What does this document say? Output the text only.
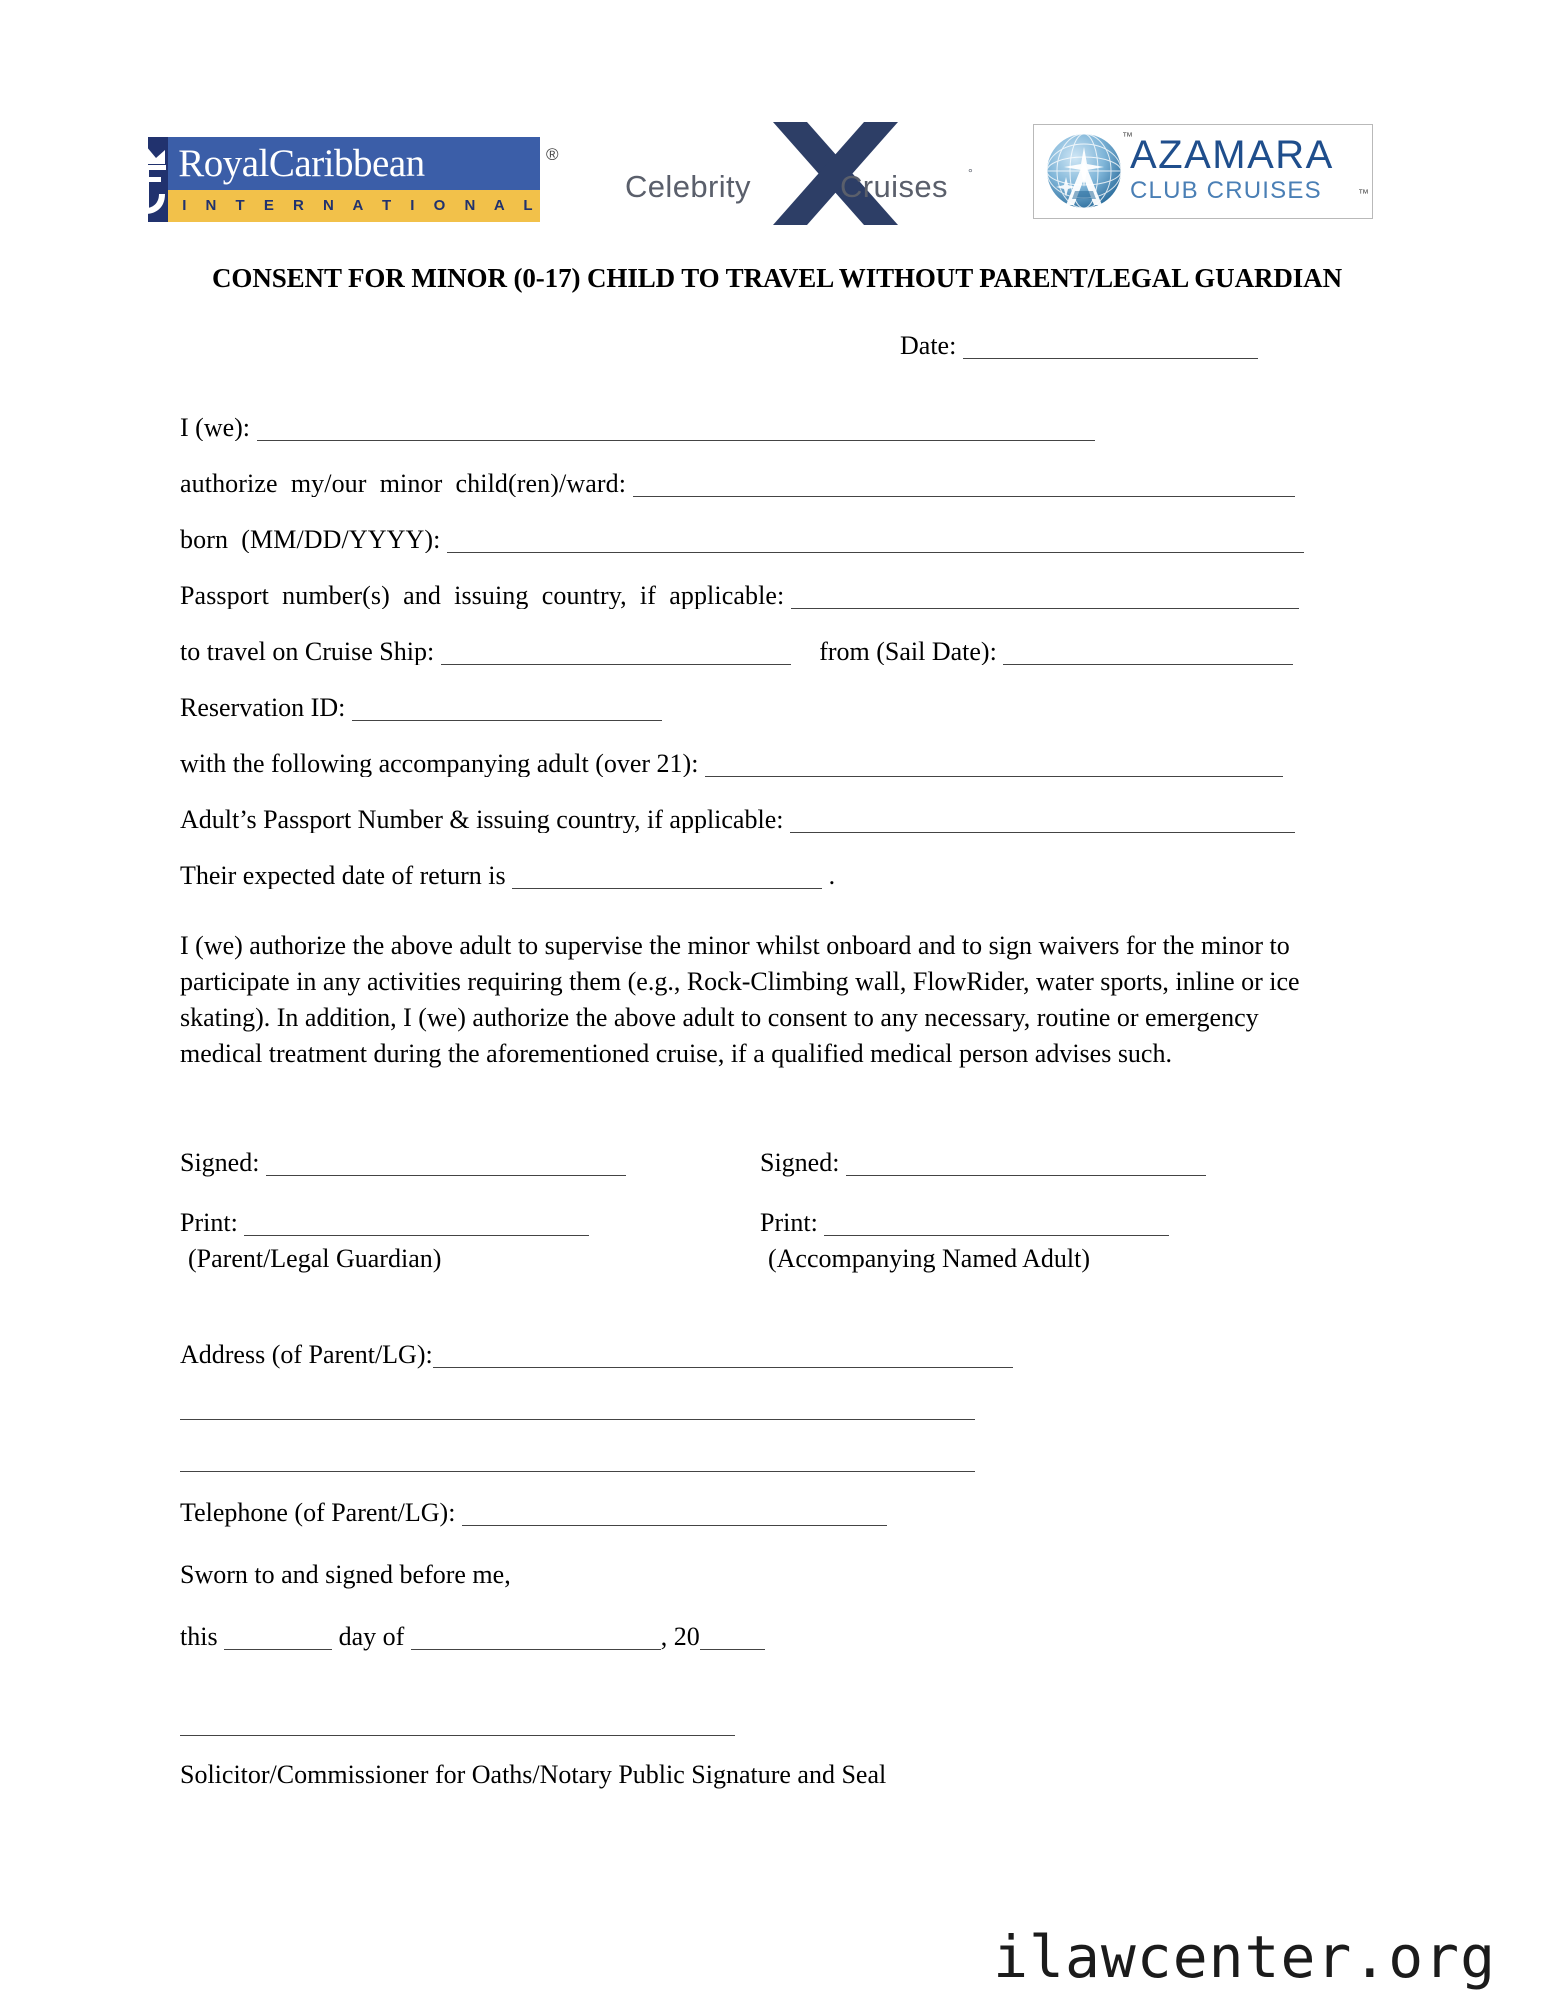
RoyalCaribbean
I N T E R N A T I O N A L
®
Celebrity	Cruises °
™
AZAMARA
CLUB CRUISES	™
CONSENT FOR MINOR (0-17) CHILD TO TRAVEL WITHOUT PARENT/LEGAL GUARDIAN
Date:
I (we):
authorize  my/our  minor  child(ren)/ward:
born  (MM/DD/YYYY):
Passport  number(s)  and  issuing  country,  if  applicable:
to travel on Cruise Ship:	from (Sail Date):
Reservation ID:
with the following accompanying adult (over 21):
Adult’s Passport Number & issuing country, if applicable:
Their expected date of return is	.
I (we) authorize the above adult to supervise the minor whilst onboard and to sign waivers for the minor to participate in any activities requiring them (e.g., Rock-Climbing wall, FlowRider, water sports, inline or ice skating). In addition, I (we) authorize the above adult to consent to any necessary, routine or emergency medical treatment during the aforementioned cruise, if a qualified medical person advises such.
Signed:
Print:
(Parent/Legal Guardian)
Signed:
Print:
(Accompanying Named Adult)
Address (of Parent/LG):
Telephone (of Parent/LG):
Sworn to and signed before me,
this	day of	, 20
Solicitor/Commissioner for Oaths/Notary Public Signature and Seal
ilawcenter.org
